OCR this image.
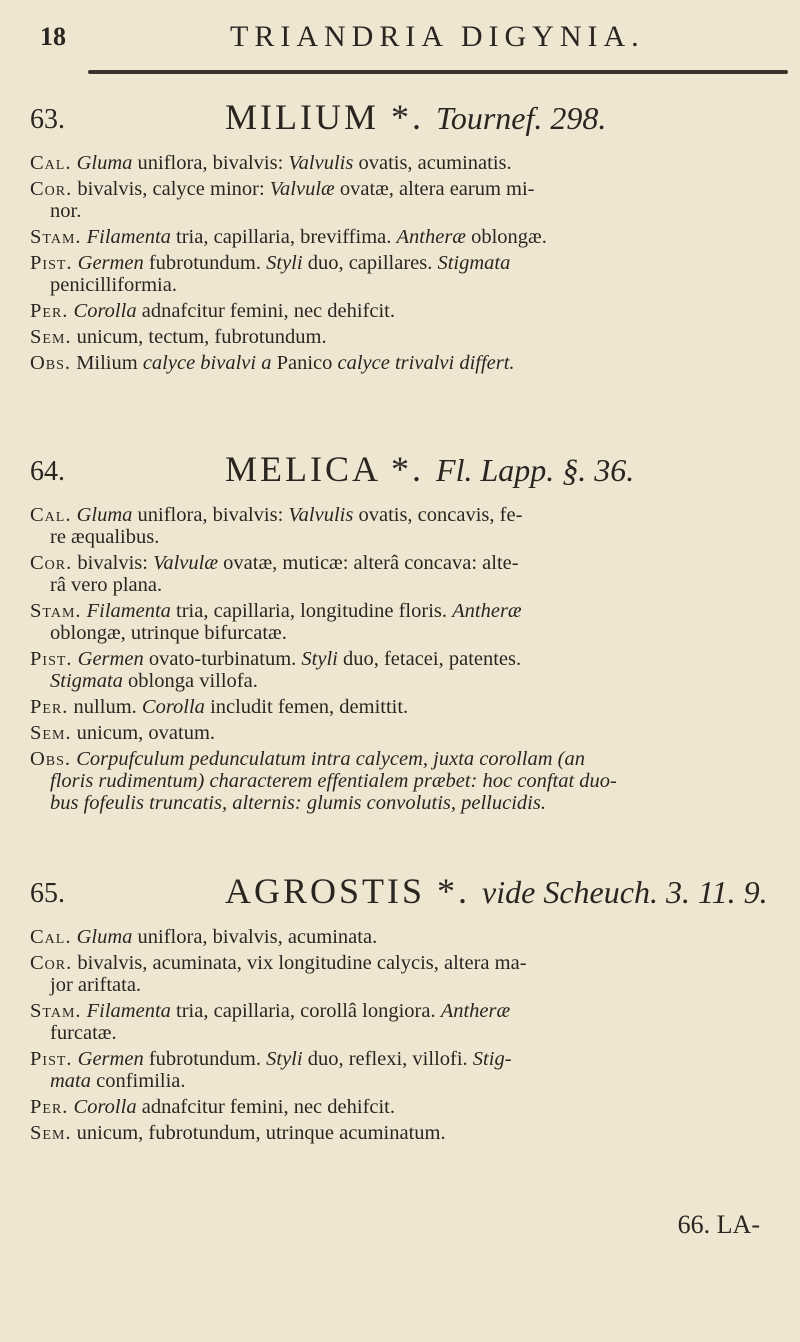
18	TRIANDRIA DIGYNIA.
63.	MILIUM *. Tournef. 298.

Cal. Gluma uniflora, bivalvis: Valvulis ovatis, acuminatis.

Cor. bivalvis, calyce minor: Valvulæ ovatæ, altera earum mi-

nor.

Stam. Filamenta tria, capillaria, breviffima. Antheræ oblongæ.

Pist. Germen fubrotundum. Styli duo, capillares. Stigmata

penicilliformia.

Per. Corolla adnafcitur femini, nec dehifcit.

Sem. unicum, tectum, fubrotundum.

Obs. Milium calyce bivalvi a Panico calyce trivalvi differt.

64.	MELICA *. Fl. Lapp. §. 36.

Cal. Gluma uniflora, bivalvis: Valvulis ovatis, concavis, fe-

re æqualibus.

Cor. bivalvis: Valvulæ ovatæ, muticæ: alterâ concava: alte-

râ vero plana.

Stam. Filamenta tria, capillaria, longitudine floris. Antheræ

oblongæ, utrinque bifurcatæ.

Pist. Germen ovato-turbinatum. Styli duo, fetacei, patentes.

Stigmata oblonga villofa.

Per. nullum. Corolla includit femen, demittit.

Sem. unicum, ovatum.

Obs. Corpufculum pedunculatum intra calycem, juxta corollam (an

floris rudimentum) characterem effentialem præbet: hoc conftat duo-

bus fofeulis truncatis, alternis: glumis convolutis, pellucidis.

65.	AGROSTIS *. vide Scheuch. 3. 11. 9.

Cal. Gluma uniflora, bivalvis, acuminata.

Cor. bivalvis, acuminata, vix longitudine calycis, altera ma-

jor ariftata.

Stam. Filamenta tria, capillaria, corollâ longiora. Antheræ

furcatæ.

Pist. Germen fubrotundum. Styli duo, reflexi, villofi. Stig-

mata confimilia.

Per. Corolla adnafcitur femini, nec dehifcit.

Sem. unicum, fubrotundum, utrinque acuminatum.

66. LA-
